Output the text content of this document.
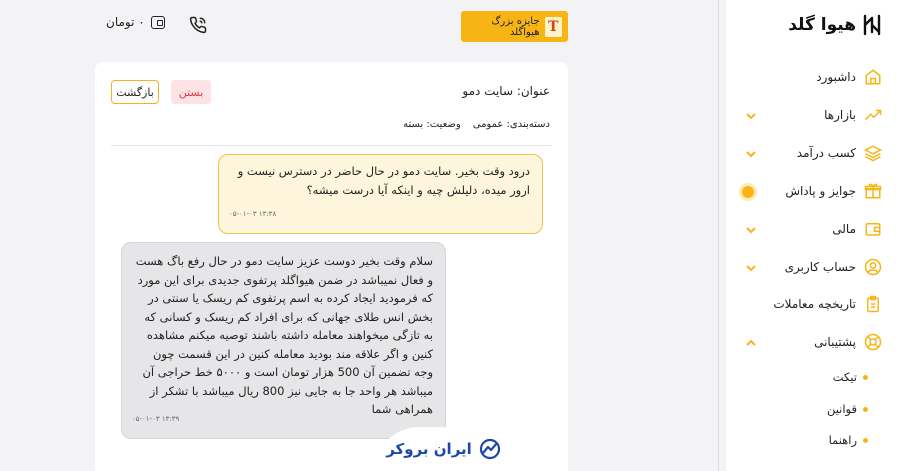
۰ تومان	T
جایزه بزرگ هیواگلد
عنوان: سایت دمو
بستن
بازگشت
دسته‌بندی: عمومی
وضعیت: بسته
درود وقت بخیر. سایت دمو در حال حاضر در دسترس نیست و ارور میده، دلیلش چیه و اینکه آیا درست میشه؟
۰۵-۰۱-۰۳ ۱۳:۳۸
سلام وقت بخیر دوست عزیز سایت دمو در حال رفع باگ هست و فعال نمیباشد در ضمن هیواگلد پرتفوی جدیدی برای این مورد که فرمودید ایجاد کرده به اسم پرتفوی کم ریسک یا سنتی در بخش انس طلای جهانی که برای افراد کم ریسک و کسانی که به تازگی میخواهند معامله داشته باشند توصیه میکنم مشاهده کنین و اگر علاقه مند بودید معامله کنین در این قسمت چون وجه تضمین آن 500 هزار تومان است و ۵۰۰۰ خط حراجی آن میباشد هر واحد جا به جایی نیز 800 ریال میباشد با تشکر از همراهی شما
۰۵-۰۱-۰۳ ۱۳:۳۹
ایران بروکر
هیوا گلد
داشبورد
بازارها
کسب درآمد
جوایز و پاداش
مالی
حساب کاربری
تاریخچه معاملات
پشتیبانی
تیکت
قوانین
راهنما
